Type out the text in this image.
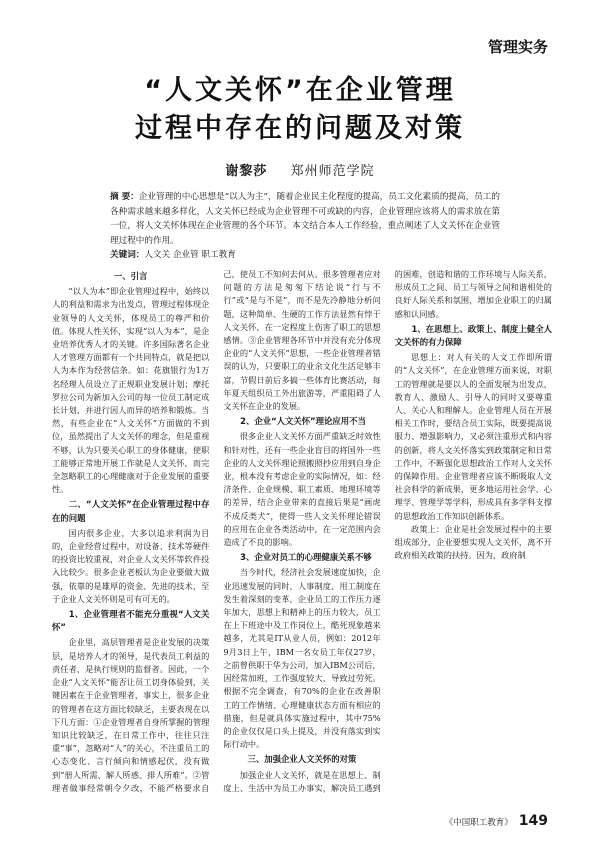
管理实务
“人文关怀”在企业管理
过程中存在的问题及对策
谢黎莎 郑州师范学院
摘 要：企业管理的中心思想是“以人为主”，随着企业民主化程度的提高，员工文化素质的提高，员工的各种需求越来越多样化，人文关怀已经成为企业管理不可或缺的内容，企业管理应该将人的需求放在第一位，将人文关怀体现在企业管理的各个环节。本文结合本人工作经验，重点阐述了人文关怀在企业管理过程中的作用。
关键词：人文关 企业管 职工教育
一、引言

“以人为本”即企业管理过程中，始终以人的利益和需求为出发点，管理过程体现企业领导的人文关怀，体现员工的尊严和价值。体现人性关怀，实现“以人为本”，是企业培养优秀人才的关键。许多国际著名企业人才管理方面都有一个共同特点，就是把以人为本作为经营信条。如：花旗银行为1万名经理人员设立了正规职业发展计划；摩托罗拉公司为新加入公司的每一位员工制定成长计划，并进行因人而异的培养和锻炼。当然，有些企业在“人文关怀”方面做的不到位，虽然提出了人文关怀的理念，但是重视不够，认为只要关心职工的身体健康，使职工能够正常地开展工作就是人文关怀，而完全忽略职工的心理健康对于企业发展的重要性。

二、“人文关怀”在企业管理过程中存在的问题

国内很多企业，大多以追求利润为目的，企业经营过程中，对设备、技术等硬件的投资比较重视，对企业人文关怀等软件投入比较少。很多企业老板认为企业要做大做强，依靠的是雄厚的资金、先进的技术，至于企业人文关怀则是可有可无的。

1、企业管理者不能充分重视“人文关怀”

企业里，高层管理者是企业发展的决策层，是培养人才的领导，是代表员工利益的责任者，是执行规则的监督者。因此，一个企业“人文关怀”能否让员工切身体验到，关键因素在于企业管理者，事实上，很多企业的管理者在这方面比较缺乏，主要表现在以下几方面：①企业管理者自身所掌握的管理知识比较缺乏，在日常工作中，往往只注重“事”，忽略对“人”的关心，不注重员工的心态变化、言行倾向和情感起伏，没有做到“册人所需、解人所惑、排人所难”。②管理者做事经常朝令夕改，不能严格要求自己，使员工不知何去何从。很多管理者应对问题的方法是匆匆下结论说“行与不行”或“是与不是”，而不是先冷静地分析问题，这种简单、生硬的工作方法显然有悖于人文关怀，在一定程度上伤害了职工的思想感情。③企业管理各环节中并没有充分体现企业的“人文关怀”思想，一些企业管理者错误的认为，只要职工的业余文化生活足够丰富，节假日前后多搞一些体育比赛活动，每年夏天组织员工外出旅游等，严重阻碍了人文关怀在企业的发展。

2、企业“人文关怀”理论应用不当

很多企业人文关怀方面严重缺乏时效性和针对性，还有一些企业盲目的将国外一些企业的人文关怀理论照搬照抄应用到自身企业，根本没有考虑企业的实际情况，如：经济条件、企业规模、职工素质、地理环境等的差异，结合企业带来的直接后果是“画虎不成反类犬”，使得一些人文关怀理论错误的应用在企业各类活动中，在一定范围内会造成了不良的影响。

3、企业对员工的心理健康关系不够

当今时代，经济社会发展速度加快，企业迅速发展的同时，人事制度、用工制度在发生着深刻的变革，企业员工的工作压力逐年加大，思想上和精神上的压力较大，员工在上下班途中及工作岗位上，酷死现象越来越多，尤其是IT从业人员，例如：2012年9月3日上午，IBM一名女员工年仅27岁，之前曾供职于华为公司，加入IBM公司后，因经常加班，工作强度较大，导致过劳死。根据不完全调查，有70%的企业在改善职工的工作情绪、心理健康状态方面有相应的措施，但是就具体实施过程中，其中75%的企业仅仅是口头上提及，并没有落实到实际行动中。

三、加强企业人文关怀的对策

加强企业人文关怀，就是在思想上、制度上、生活中为员工办事实，解决员工遇到的困难，创造和谐的工作环境与人际关系，形成员工之间、员工与领导之间和谐相处的良好人际关系和氛围，增加企业职工的归属感和认同感。

1、在思想上、政策上、制度上健全人文关怀的有力保障

思想上：对人有关的人文工作即所谓的“人文关怀”，在企业管理方面来说，对职工的管理就是要以人的全面发展为出发点，教育人、激励人、引导人的同时又要尊重人、关心人和理解人。企业管理人员在开展相关工作时，要结合员工实际，既要提高说服力、增强影响力，又必须注重形式和内容的创新，将人文关怀落实到政策制定和日常工作中，不断强化思想政治工作对人文关怀的保障作用。企业管理者应该不断吸取人文社会科学的新成果，更多地运用社会学、心理学、管理学等学科，形成具有多学科支撑的思想政治工作知识创新体系。

政策上：企业是社会发展过程中的主要组成部分，企业要想实现人文关怀，离不开政府相关政策的扶持。因为，政府制

《中国职工教育》 149
